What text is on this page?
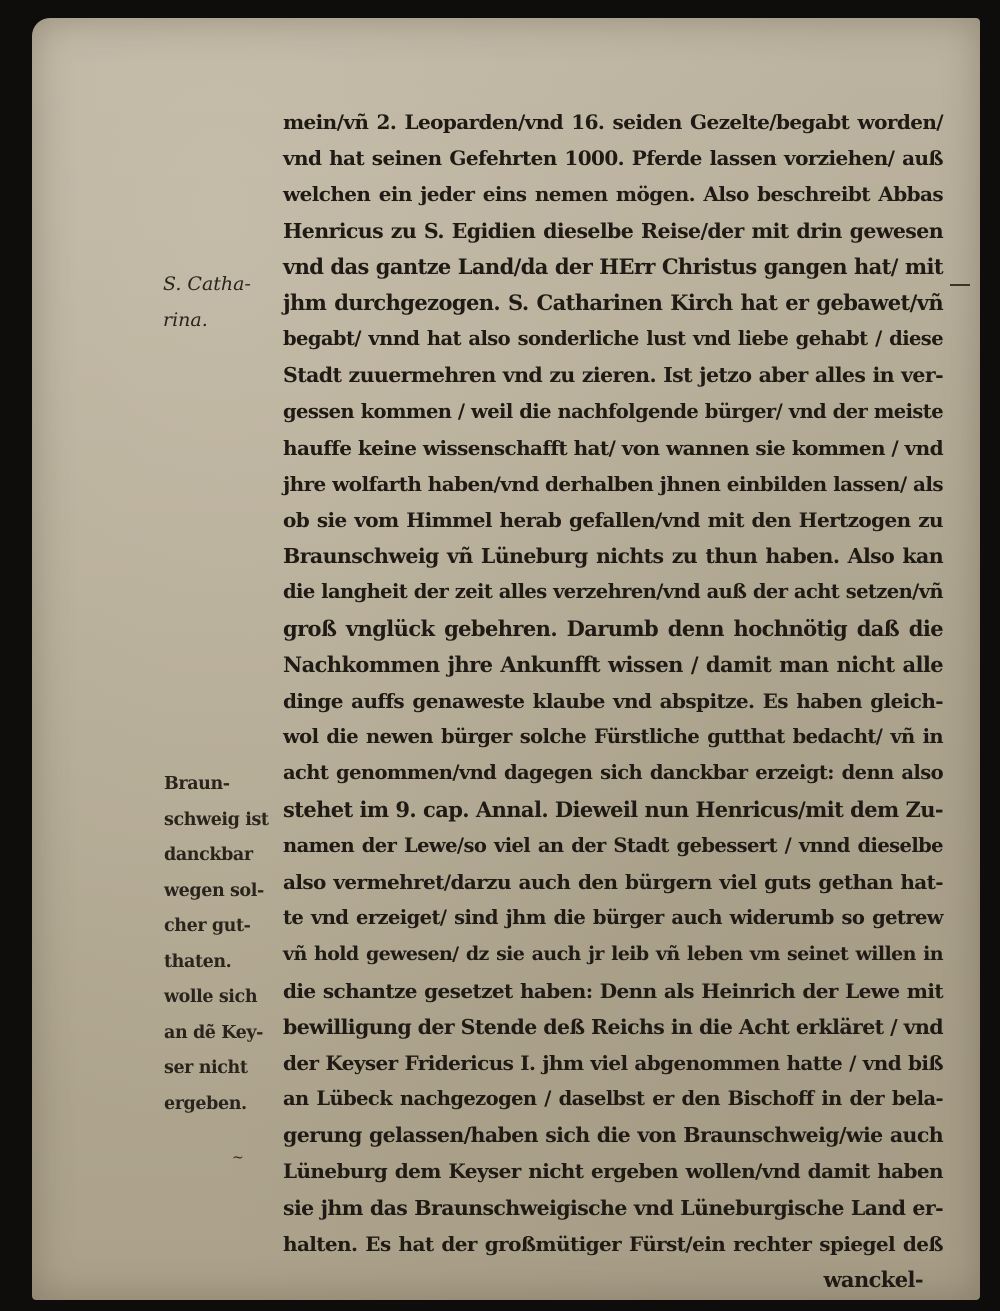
S. Catha-
rina.
Braun-
schweig ist
danckbar
wegen sol-
cher gut-
thaten.
wolle sich
an dẽ Key-
ser nicht
ergeben.
mein/vñ 2. Leoparden/vnd 16. seiden Gezelte/begabt worden/
vnd hat seinen Gefehrten 1000. Pferde lassen vorziehen/ auß
welchen ein jeder eins nemen mögen. Also beschreibt Abbas
Henricus zu S. Egidien dieselbe Reise/der mit drin gewesen
vnd das gantze Land/da der HErr Christus gangen hat/ mit
jhm durchgezogen. S. Catharinen Kirch hat er gebawet/vñ
begabt/ vnnd hat also sonderliche lust vnd liebe gehabt / diese
Stadt zuuermehren vnd zu zieren. Ist jetzo aber alles in ver-
gessen kommen / weil die nachfolgende bürger/ vnd der meiste
hauffe keine wissenschafft hat/ von wannen sie kommen / vnd
jhre wolfarth haben/vnd derhalben jhnen einbilden lassen/ als
ob sie vom Himmel herab gefallen/vnd mit den Hertzogen zu
Braunschweig vñ Lüneburg nichts zu thun haben. Also kan
die langheit der zeit alles verzehren/vnd auß der acht setzen/vñ
groß vnglück gebehren. Darumb denn hochnötig daß die
Nachkommen jhre Ankunfft wissen / damit man nicht alle
dinge auffs genaweste klaube vnd abspitze. Es haben gleich-
wol die newen bürger solche Fürstliche gutthat bedacht/ vñ in
acht genommen/vnd dagegen sich danckbar erzeigt: denn also
stehet im 9. cap. Annal. Dieweil nun Henricus/mit dem Zu-
namen der Lewe/so viel an der Stadt gebessert / vnnd dieselbe
also vermehret/darzu auch den bürgern viel guts gethan hat-
te vnd erzeiget/ sind jhm die bürger auch widerumb so getrew
vñ hold gewesen/ dz sie auch jr leib vñ leben vm seinet willen in
die schantze gesetzet haben: Denn als Heinrich der Lewe mit
bewilligung der Stende deß Reichs in die Acht erkläret / vnd
der Keyser Fridericus I. jhm viel abgenommen hatte / vnd biß
an Lübeck nachgezogen / daselbst er den Bischoff in der bela-
gerung gelassen/haben sich die von Braunschweig/wie auch
Lüneburg dem Keyser nicht ergeben wollen/vnd damit haben
sie jhm das Braunschweigische vnd Lüneburgische Land er-
halten. Es hat der großmütiger Fürst/ein rechter spiegel deß
wanckel-
~
